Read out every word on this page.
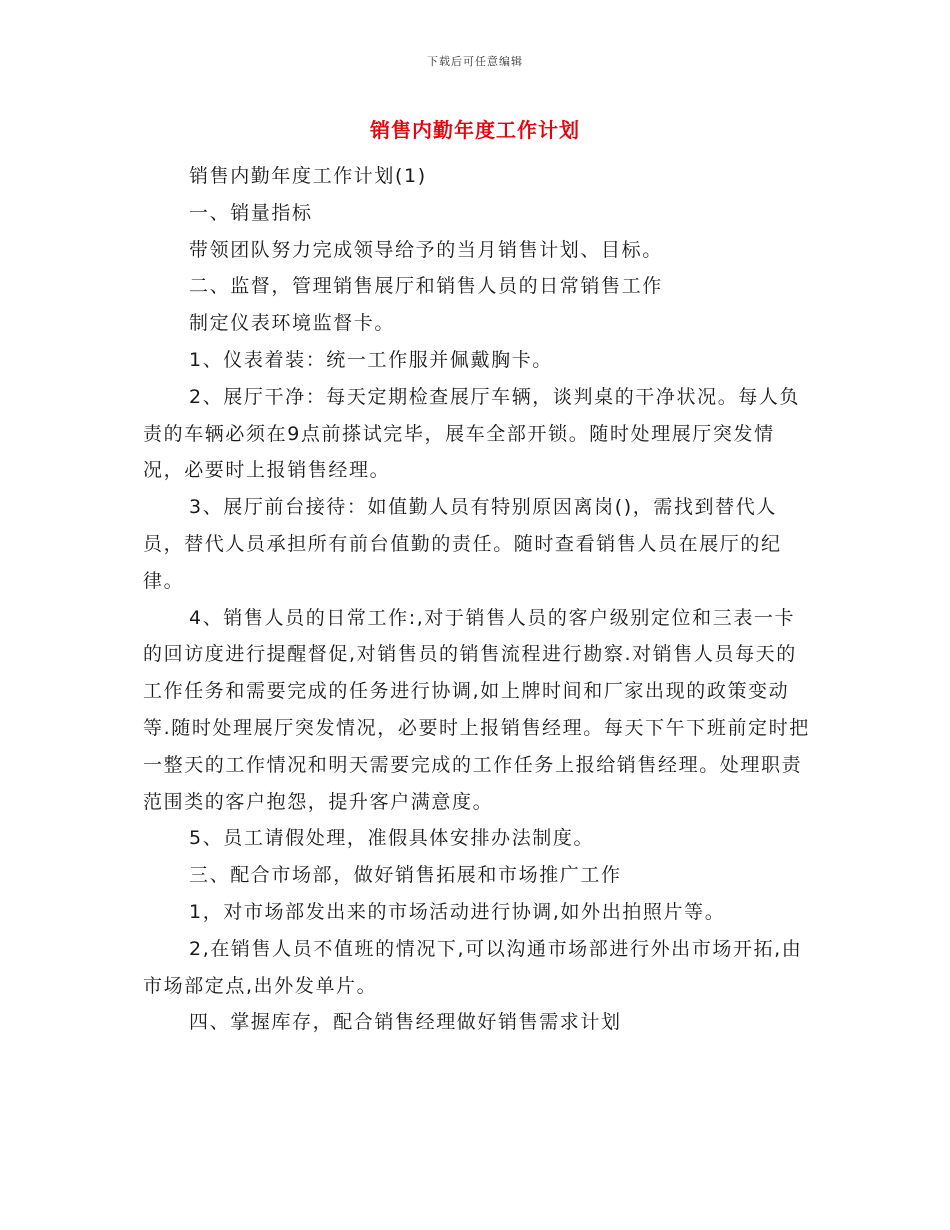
下载后可任意编辑
销售内勤年度工作计划

销售内勤年度工作计划(1)

一、销量指标

带领团队努力完成领导给予的当月销售计划、目标。

二、监督，管理销售展厅和销售人员的日常销售工作

制定仪表环境监督卡。

1、仪表着装：统一工作服并佩戴胸卡。

2、展厅干净：每天定期检查展厅车辆，谈判桌的干净状况。每人负责的车辆必须在9点前搽试完毕，展车全部开锁。随时处理展厅突发情况，必要时上报销售经理。

3、展厅前台接待：如值勤人员有特别原因离岗()，需找到替代人员，替代人员承担所有前台值勤的责任。随时查看销售人员在展厅的纪律。

4、销售人员的日常工作:,对于销售人员的客户级别定位和三表一卡的回访度进行提醒督促,对销售员的销售流程进行勘察.对销售人员每天的工作任务和需要完成的任务进行协调,如上牌时间和厂家出现的政策变动等.随时处理展厅突发情况，必要时上报销售经理。每天下午下班前定时把一整天的工作情况和明天需要完成的工作任务上报给销售经理。处理职责范围类的客户抱怨，提升客户满意度。

5、员工请假处理，准假具体安排办法制度。

三、配合市场部，做好销售拓展和市场推广工作

1，对市场部发出来的市场活动进行协调,如外出拍照片等。

2,在销售人员不值班的情况下,可以沟通市场部进行外出市场开拓,由市场部定点,出外发单片。

四、掌握库存，配合销售经理做好销售需求计划
